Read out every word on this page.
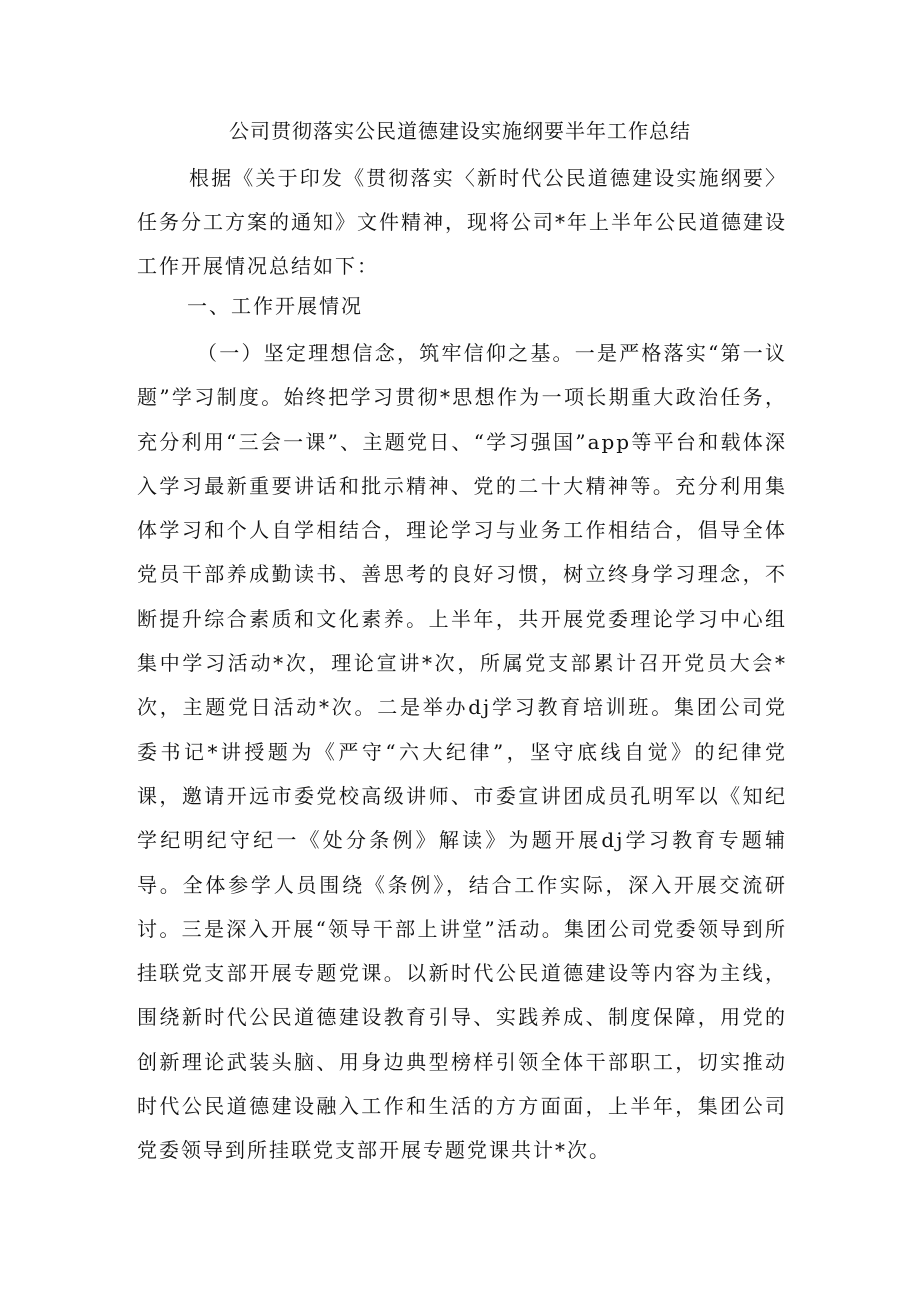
公司贯彻落实公民道德建设实施纲要半年工作总结
根据《关于印发《贯彻落实〈新时代公民道德建设实施纲要〉任务分工方案的通知》文件精神，现将公司*年上半年公民道德建设工作开展情况总结如下：
一、工作开展情况
（一）坚定理想信念，筑牢信仰之基。一是严格落实“第一议题”学习制度。始终把学习贯彻*思想作为一项长期重大政治任务，充分利用“三会一课”、主题党日、“学习强国”app等平台和载体深入学习最新重要讲话和批示精神、党的二十大精神等。充分利用集体学习和个人自学相结合，理论学习与业务工作相结合，倡导全体党员干部养成勤读书、善思考的良好习惯，树立终身学习理念，不断提升综合素质和文化素养。上半年，共开展党委理论学习中心组集中学习活动*次，理论宣讲*次，所属党支部累计召开党员大会*次，主题党日活动*次。二是举办dj学习教育培训班。集团公司党委书记*讲授题为《严守“六大纪律”，坚守底线自觉》的纪律党课，邀请开远市委党校高级讲师、市委宣讲团成员孔明军以《知纪学纪明纪守纪一《处分条例》解读》为题开展dj学习教育专题辅导。全体参学人员围绕《条例》，结合工作实际，深入开展交流研讨。三是深入开展“领导干部上讲堂”活动。集团公司党委领导到所挂联党支部开展专题党课。以新时代公民道德建设等内容为主线，围绕新时代公民道德建设教育引导、实践养成、制度保障，用党的创新理论武装头脑、用身边典型榜样引领全体干部职工，切实推动时代公民道德建设融入工作和生活的方方面面，上半年，集团公司党委领导到所挂联党支部开展专题党课共计*次。
